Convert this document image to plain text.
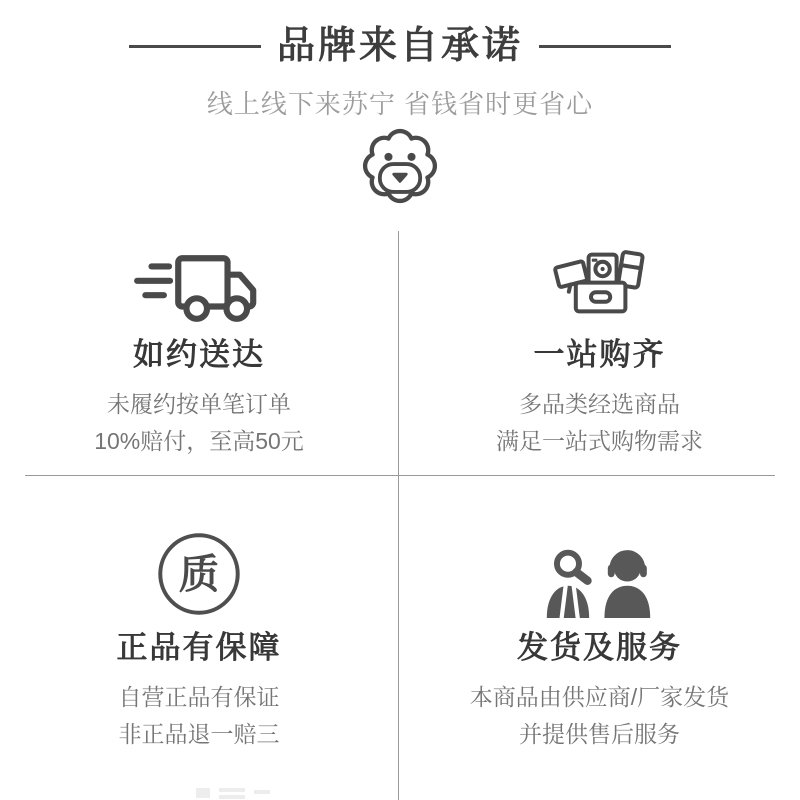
品牌来自承诺

线上线下来苏宁 省钱省时更省心

如约送达

未履约按单笔订单

10%赔付，至高50元

一站购齐

多品类经选商品

满足一站式购物需求

质
正品有保障

自营正品有保证

非正品退一赔三

发货及服务

本商品由供应商/厂家发货

并提供售后服务
